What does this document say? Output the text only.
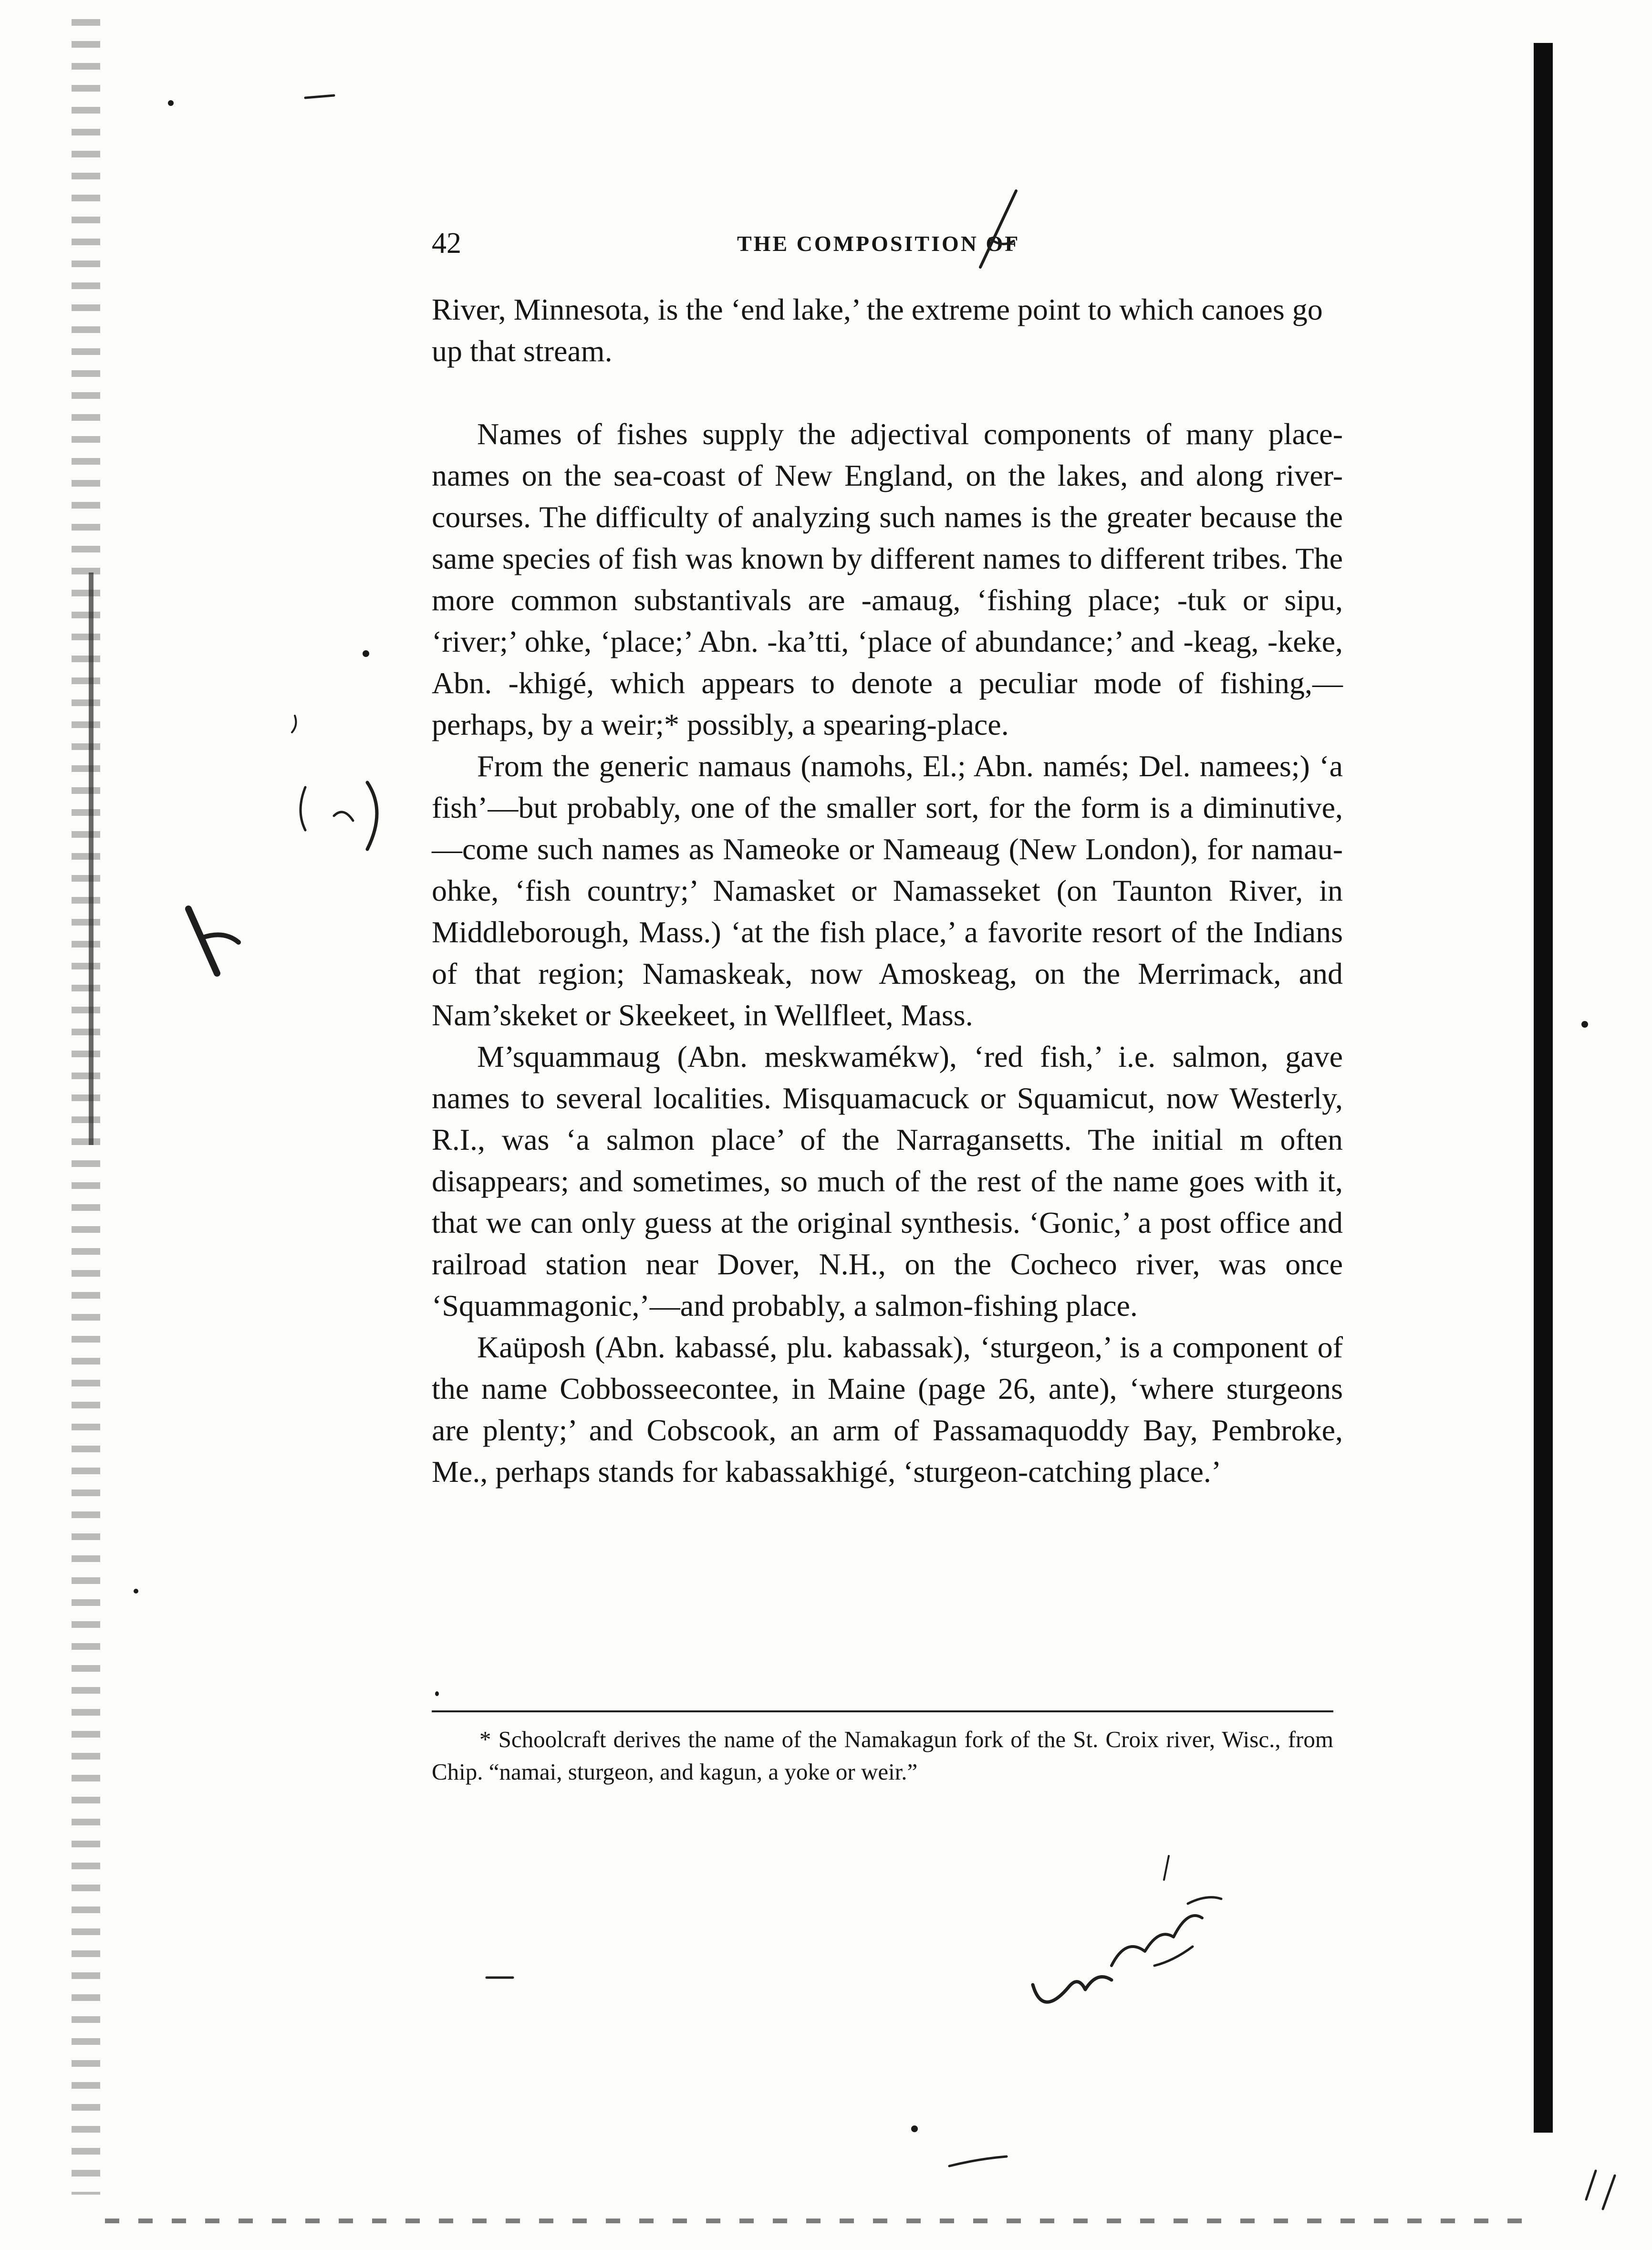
42	THE COMPOSITION OF

River, Minnesota, is the ‘end lake,’ the extreme point to which canoes go up that stream.

Names of fishes supply the adjectival components of many place-names on the sea-coast of New England, on the lakes, and along river-courses. The difficulty of analyzing such names is the greater because the same species of fish was known by different names to different tribes. The more common substantivals are -amaug, ‘fishing place; -tuk or sipu, ‘river;’ ohke, ‘place;’ Abn. -ka’tti, ‘place of abundance;’ and -keag, -keke, Abn. -khigé, which appears to denote a peculiar mode of fishing,—perhaps, by a weir;* possibly, a spearing-place.

From the generic namaus (namohs, El.; Abn. namés; Del. namees;) ‘a fish’—but probably, one of the smaller sort, for the form is a diminutive,—come such names as Nameoke or Nameaug (New London), for namau-ohke, ‘fish country;’ Namasket or Namasseket (on Taunton River, in Middleborough, Mass.) ‘at the fish place,’ a favorite resort of the Indians of that region; Namaskeak, now Amoskeag, on the Merrimack, and Nam’skeket or Skeekeet, in Wellfleet, Mass.

M’squammaug (Abn. meskwamékw), ‘red fish,’ i.e. salmon, gave names to several localities. Misquamacuck or Squamicut, now Westerly, R.I., was ‘a salmon place’ of the Narragansetts. The initial m often disappears; and sometimes, so much of the rest of the name goes with it, that we can only guess at the original synthesis. ‘Gonic,’ a post office and railroad station near Dover, N.H., on the Cocheco river, was once ‘Squammagonic,’—and probably, a salmon-fishing place.

Kaüposh (Abn. kabassé, plu. kabassak), ‘sturgeon,’ is a component of the name Cobbosseecontee, in Maine (page 26, ante), ‘where sturgeons are plenty;’ and Cobscook, an arm of Passamaquoddy Bay, Pembroke, Me., perhaps stands for kabassakhigé, ‘sturgeon-catching place.’

* Schoolcraft derives the name of the Namakagun fork of the St. Croix river, Wisc., from Chip. “namai, sturgeon, and kagun, a yoke or weir.”
